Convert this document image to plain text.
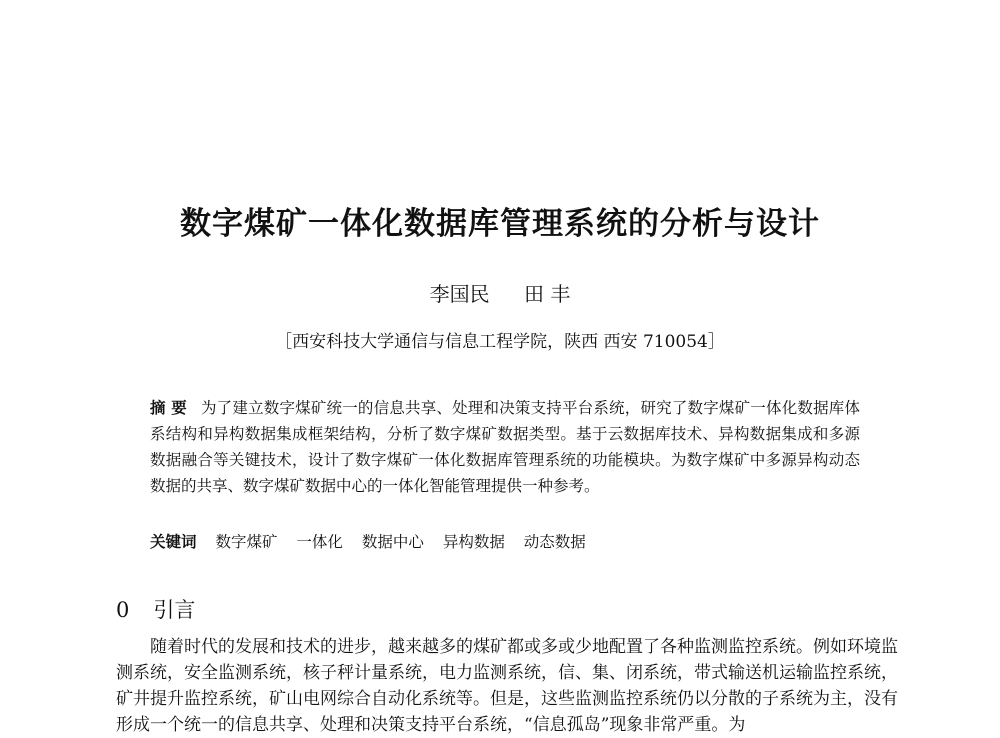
数字煤矿一体化数据库管理系统的分析与设计
李国民 田 丰
［西安科技大学通信与信息工程学院，陕西 西安 710054］
摘 要 为了建立数字煤矿统一的信息共享、处理和决策支持平台系统，研究了数字煤矿一体化数据库体系结构和异构数据集成框架结构，分析了数字煤矿数据类型。基于云数据库技术、异构数据集成和多源数据融合等关键技术，设计了数字煤矿一体化数据库管理系统的功能模块。为数字煤矿中多源异构动态数据的共享、数字煤矿数据中心的一体化智能管理提供一种参考。
关键词 数字煤矿 一体化 数据中心 异构数据 动态数据
0 引言
随着时代的发展和技术的进步，越来越多的煤矿都或多或少地配置了各种监测监控系统。例如环境监测系统，安全监测系统，核子秤计量系统，电力监测系统，信、集、闭系统，带式输送机运输监控系统，矿井提升监控系统，矿山电网综合自动化系统等。但是，这些监测监控系统仍以分散的子系统为主，没有形成一个统一的信息共享、处理和决策支持平台系统，“信息孤岛”现象非常严重。为
